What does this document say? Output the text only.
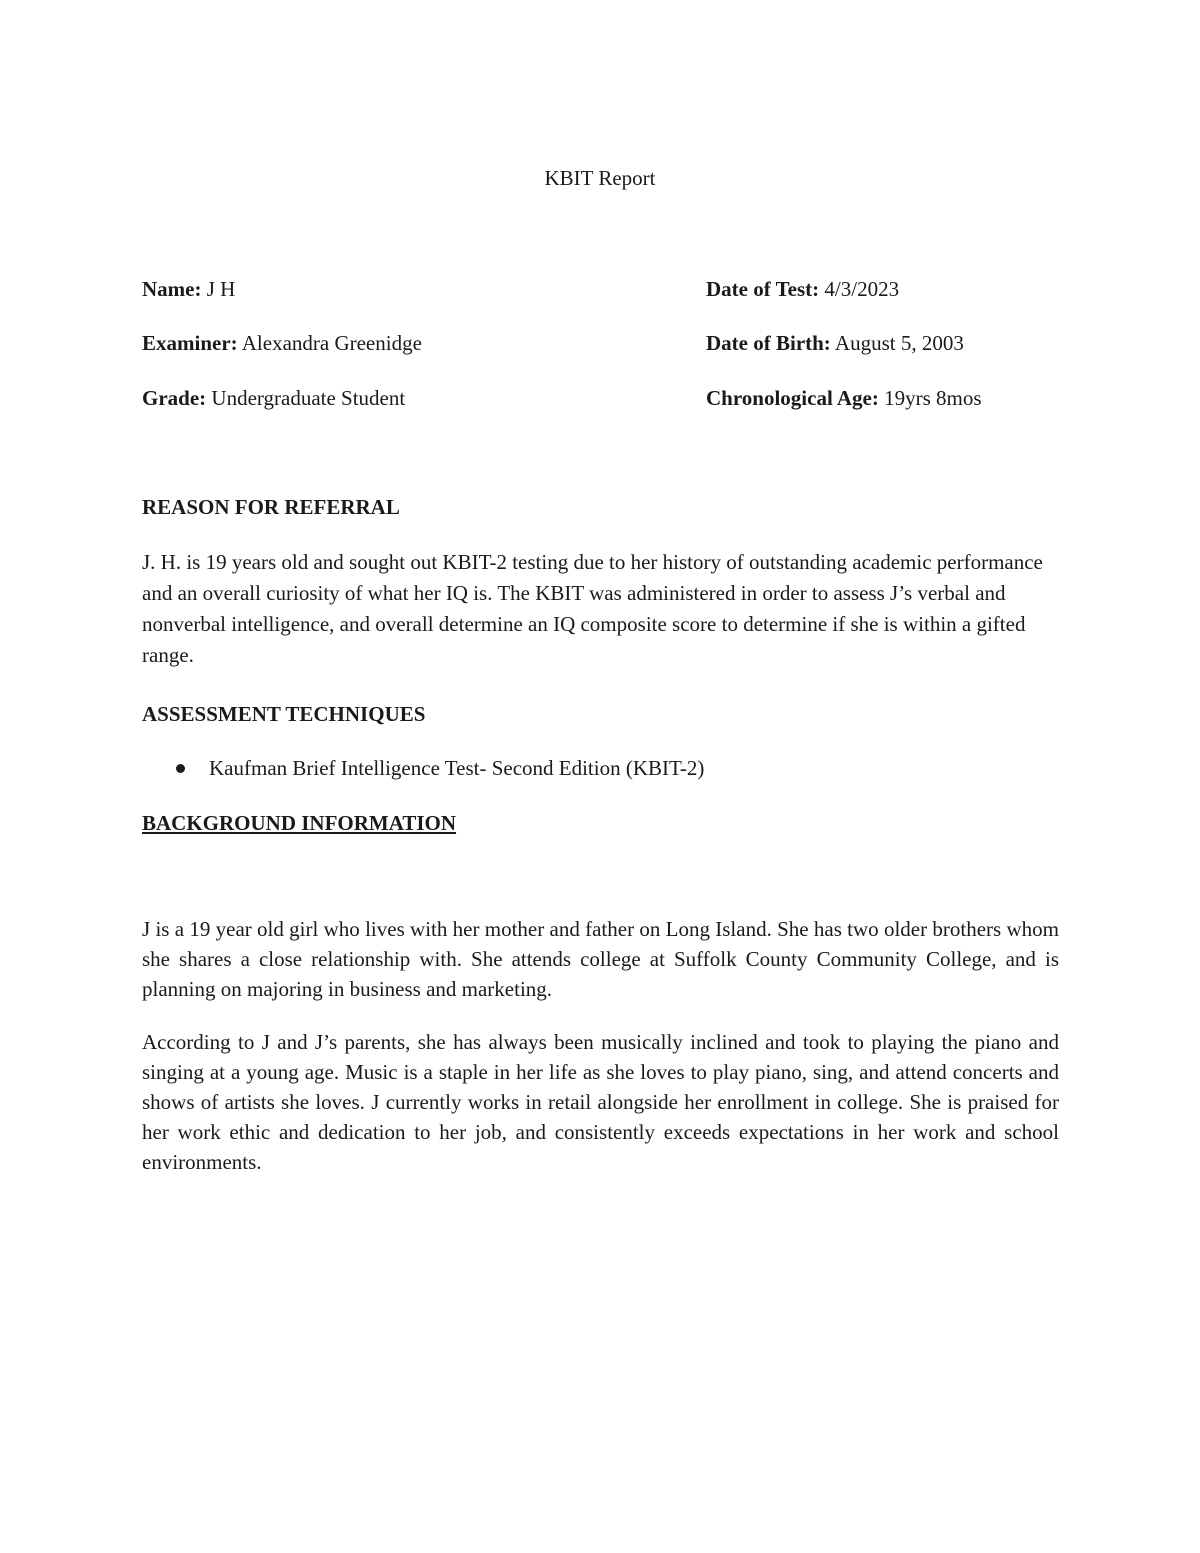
KBIT Report
Name: J H
Examiner: Alexandra Greenidge
Grade: Undergraduate Student
Date of Test: 4/3/2023
Date of Birth: August 5, 2003
Chronological Age: 19yrs 8mos
REASON FOR REFERRAL
J. H. is 19 years old and sought out KBIT-2 testing due to her history of outstanding academic performance and an overall curiosity of what her IQ is. The KBIT was administered in order to assess J’s verbal and nonverbal intelligence, and overall determine an IQ composite score to determine if she is within a gifted range.
ASSESSMENT TECHNIQUES
Kaufman Brief Intelligence Test- Second Edition (KBIT-2)
BACKGROUND INFORMATION
J is a 19 year old girl who lives with her mother and father on Long Island. She has two older brothers whom she shares a close relationship with. She attends college at Suffolk County Community College, and is planning on majoring in business and marketing.
According to J and J’s parents, she has always been musically inclined and took to playing the piano and singing at a young age. Music is a staple in her life as she loves to play piano, sing, and attend concerts and shows of artists she loves. J currently works in retail alongside her enrollment in college. She is praised for her work ethic and dedication to her job, and consistently exceeds expectations in her work and school environments.
